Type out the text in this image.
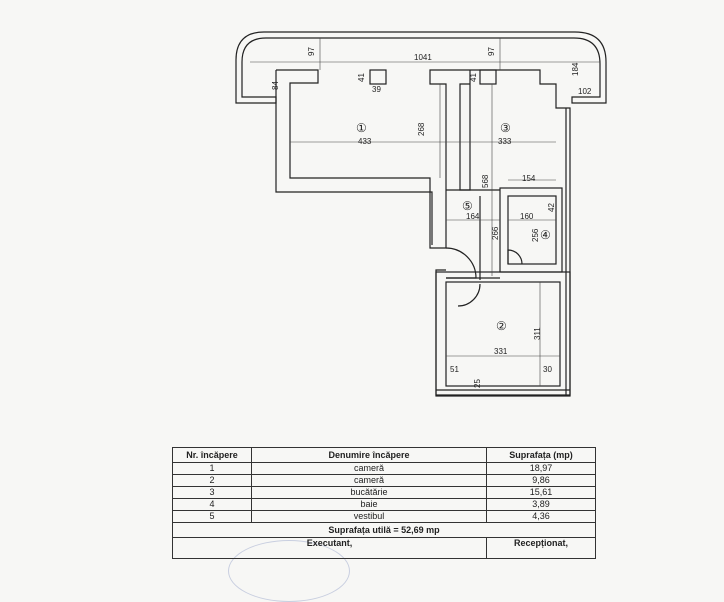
1041
97	97
84
184
102
41
39
41
433
268
333
568	154
164	160
42
266	256
331
311
51
25
30
①
②
③
④
⑤
Nr. încăpere	Denumire încăpere	Suprafața (mp)
1	cameră	18,97
2	cameră	9,86
3	bucătărie	15,61
4	baie	3,89
5	vestibul	4,36
Suprafața utilă = 52,69 mp		
Executant,		Recepționat,
